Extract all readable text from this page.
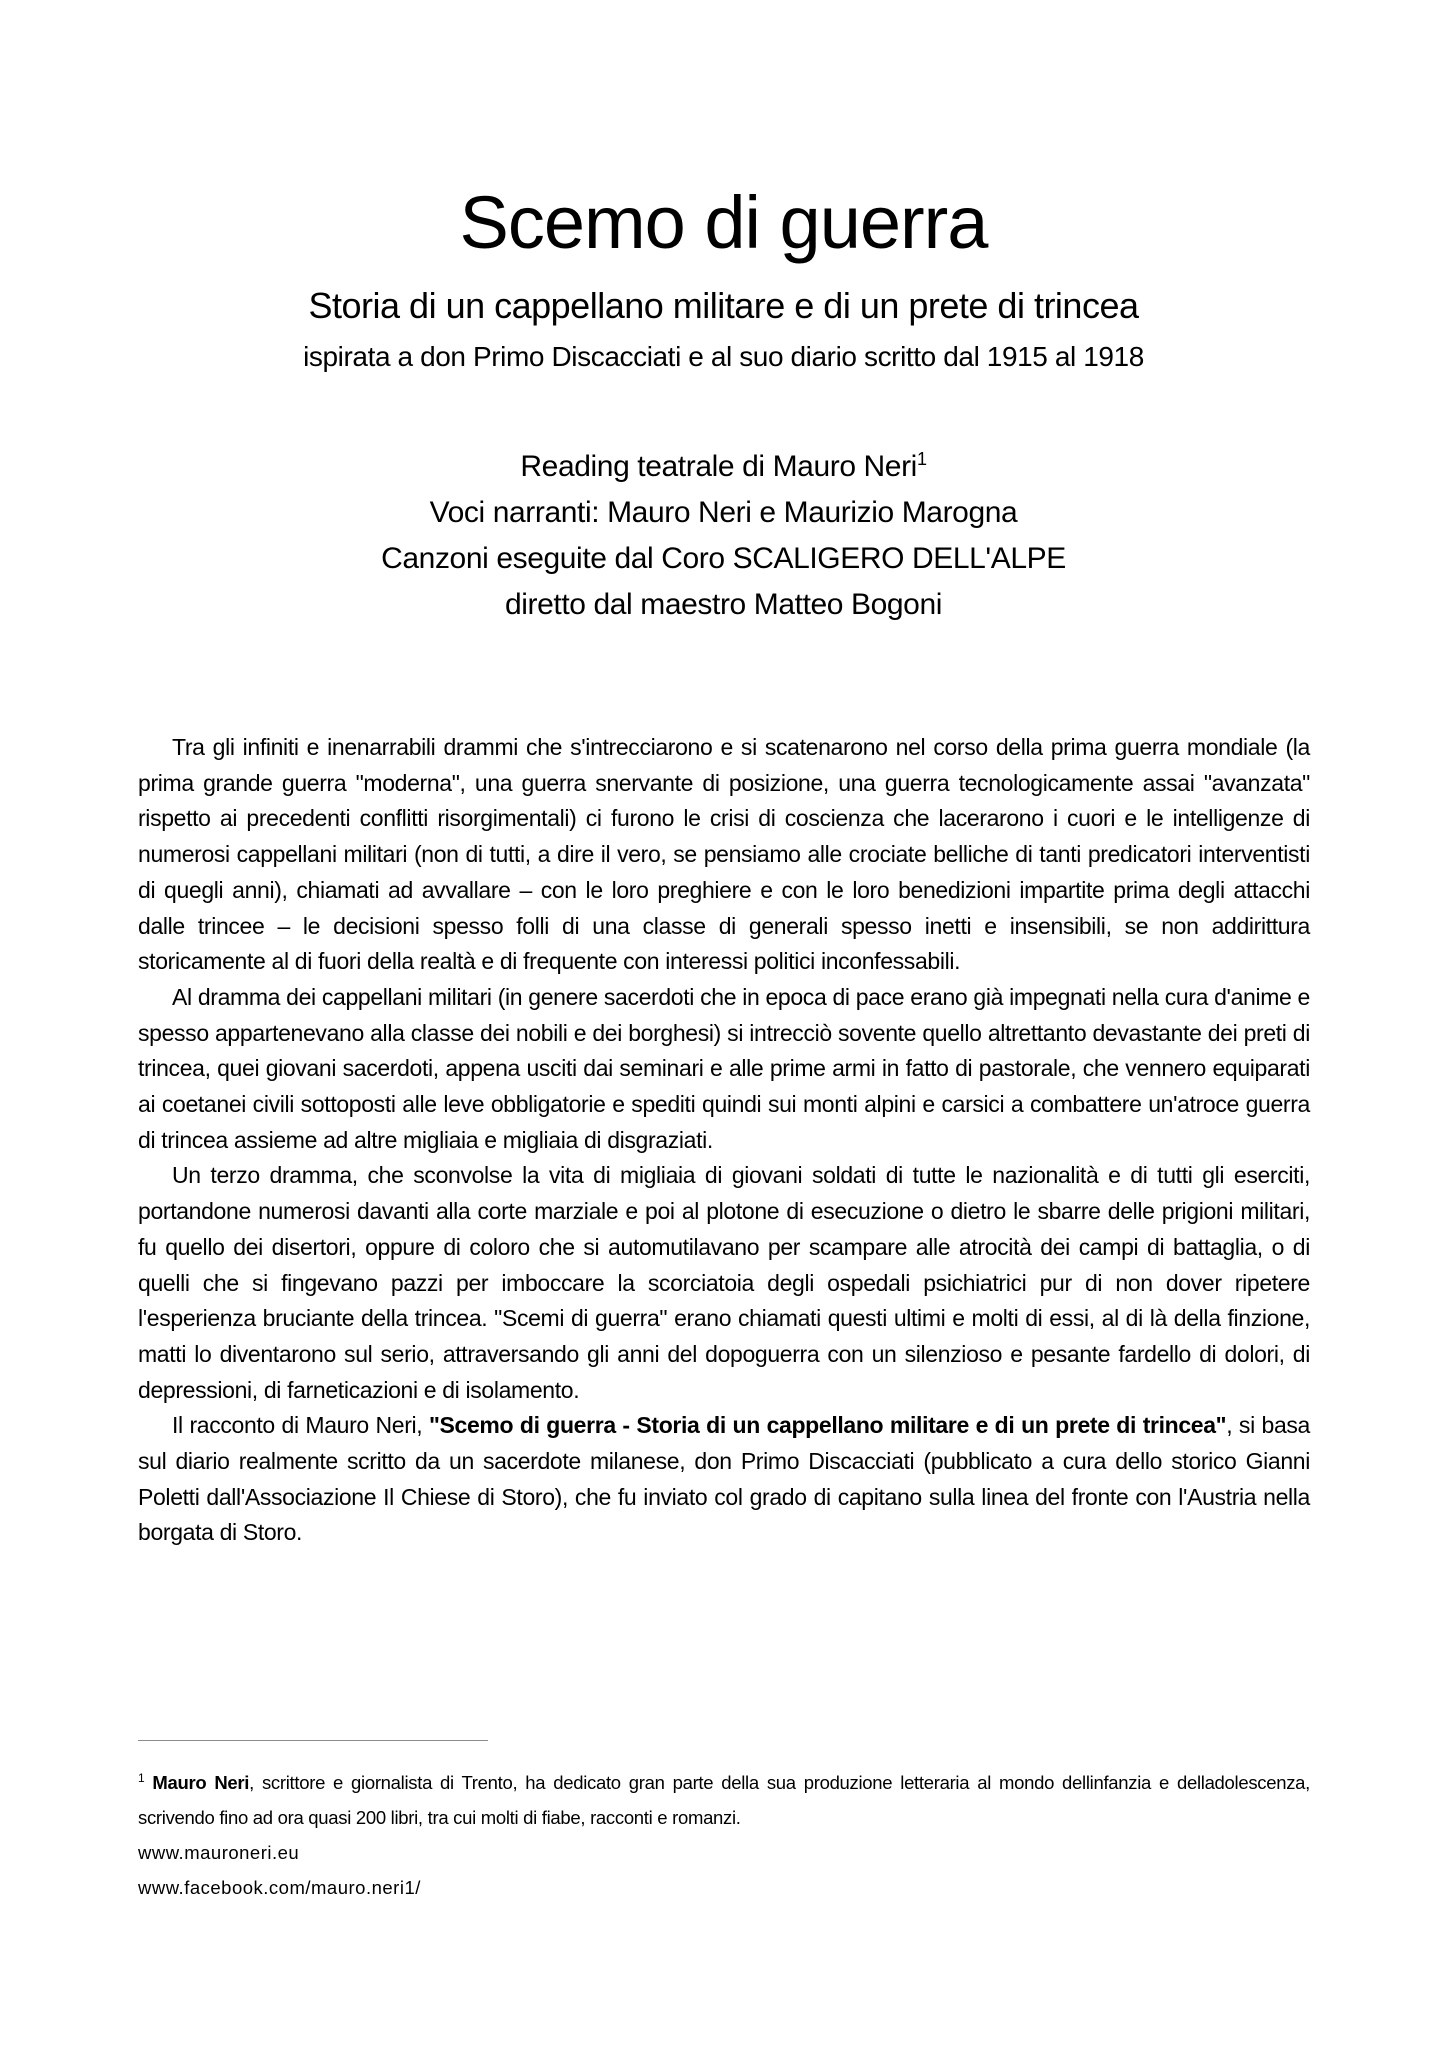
Scemo di guerra
Storia di un cappellano militare e di un prete di trincea
ispirata a don Primo Discacciati e al suo diario scritto dal 1915 al 1918
Reading teatrale di Mauro Neri$^1$
Voci narranti: Mauro Neri e Maurizio Marogna
Canzoni eseguite dal Coro SCALIGERO DELL'ALPE
diretto dal maestro Matteo Bogoni

Tra gli infiniti e inenarrabili drammi che s'intrecciarono e si scatenarono nel corso della prima guerra mondiale (la prima grande guerra "moderna", una guerra snervante di posizione, una guerra tecnologicamente assai "avanzata" rispetto ai precedenti conflitti risorgimentali) ci furono le crisi di coscienza che lacerarono i cuori e le intelligenze di numerosi cappellani militari (non di tutti, a dire il vero, se pensiamo alle crociate belliche di tanti predicatori interventisti di quegli anni), chiamati ad avvallare – con le loro preghiere e con le loro benedizioni impartite prima degli attacchi dalle trincee – le decisioni spesso folli di una classe di generali spesso inetti e insensibili, se non addirittura storicamente al di fuori della realtà e di frequente con interessi politici inconfessabili.

Al dramma dei cappellani militari (in genere sacerdoti che in epoca di pace erano già impegnati nella cura d'anime e spesso appartenevano alla classe dei nobili e dei borghesi) si intrecciò sovente quello altrettanto devastante dei preti di trincea, quei giovani sacerdoti, appena usciti dai seminari e alle prime armi in fatto di pastorale, che vennero equiparati ai coetanei civili sottoposti alle leve obbligatorie e spediti quindi sui monti alpini e carsici a combattere un'atroce guerra di trincea assieme ad altre migliaia e migliaia di disgraziati.

Un terzo dramma, che sconvolse la vita di migliaia di giovani soldati di tutte le nazionalità e di tutti gli eserciti, portandone numerosi davanti alla corte marziale e poi al plotone di esecuzione o dietro le sbarre delle prigioni militari, fu quello dei disertori, oppure di coloro che si automutilavano per scampare alle atrocità dei campi di battaglia, o di quelli che si fingevano pazzi per imboccare la scorciatoia degli ospedali psichiatrici pur di non dover ripetere l'esperienza bruciante della trincea. "Scemi di guerra" erano chiamati questi ultimi e molti di essi, al di là della finzione, matti lo diventarono sul serio, attraversando gli anni del dopoguerra con un silenzioso e pesante fardello di dolori, di depressioni, di farneticazioni e di isolamento.

Il racconto di Mauro Neri, "Scemo di guerra - Storia di un cappellano militare e di un prete di trincea", si basa sul diario realmente scritto da un sacerdote milanese, don Primo Discacciati (pubblicato a cura dello storico Gianni Poletti dall'Associazione Il Chiese di Storo), che fu inviato col grado di capitano sulla linea del fronte con l'Austria nella borgata di Storo.

$^1$ Mauro Neri, scrittore e giornalista di Trento, ha dedicato gran parte della sua produzione letteraria al mondo dellinfanzia e delladolescenza, scrivendo fino ad ora quasi 200 libri, tra cui molti di fiabe, racconti e romanzi.

www.mauroneri.eu
www.facebook.com/mauro.neri1/
